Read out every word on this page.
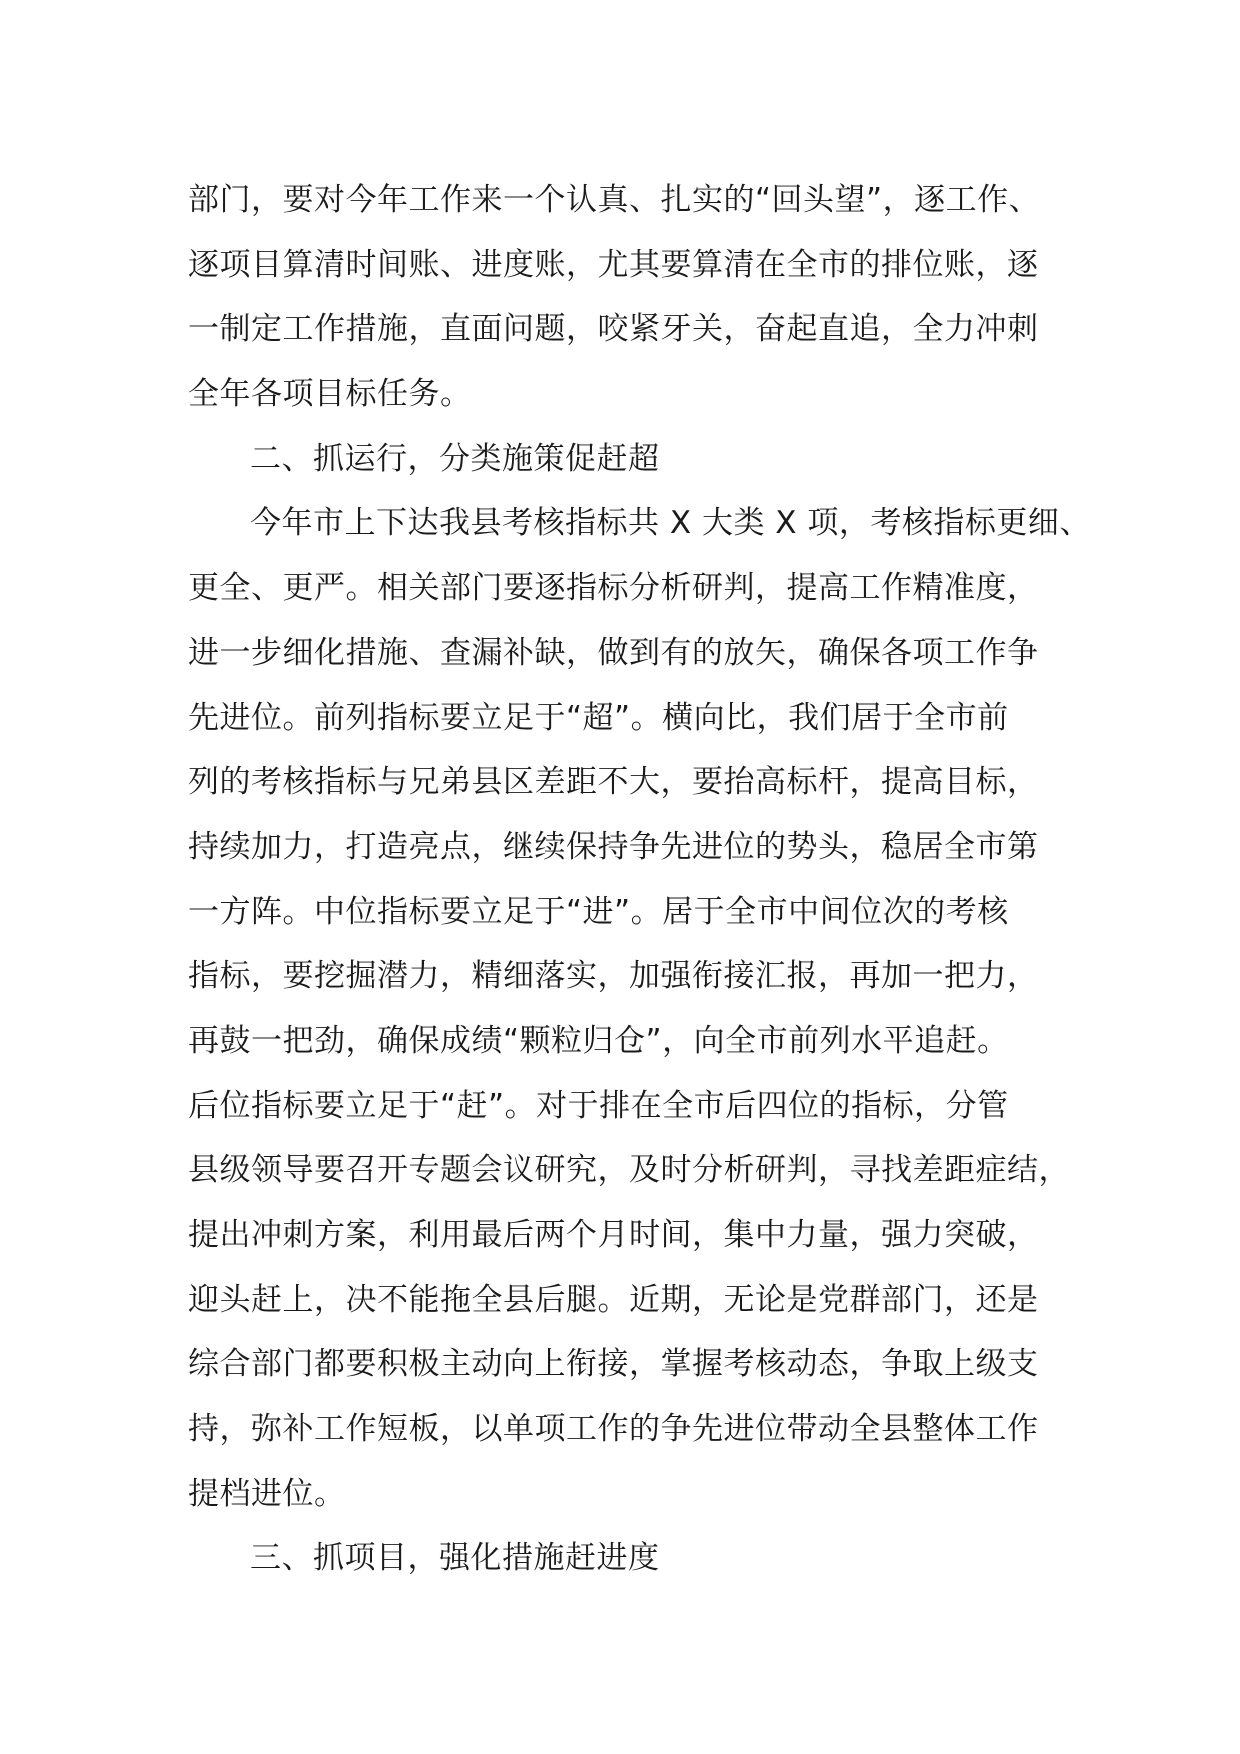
部门，要对今年工作来一个认真、扎实的“回头望”，逐工作、
逐项目算清时间账、进度账，尤其要算清在全市的排位账，逐
一制定工作措施，直面问题，咬紧牙关，奋起直追，全力冲刺
全年各项目标任务。
二、抓运行，分类施策促赶超
今年市上下达我县考核指标共 X 大类 X 项，考核指标更细、
更全、更严。相关部门要逐指标分析研判，提高工作精准度，
进一步细化措施、查漏补缺，做到有的放矢，确保各项工作争
先进位。前列指标要立足于“超”。横向比，我们居于全市前
列的考核指标与兄弟县区差距不大，要抬高标杆，提高目标，
持续加力，打造亮点，继续保持争先进位的势头，稳居全市第
一方阵。中位指标要立足于“进”。居于全市中间位次的考核
指标，要挖掘潜力，精细落实，加强衔接汇报，再加一把力，
再鼓一把劲，确保成绩“颗粒归仓”，向全市前列水平追赶。
后位指标要立足于“赶”。对于排在全市后四位的指标，分管
县级领导要召开专题会议研究，及时分析研判，寻找差距症结，
提出冲刺方案，利用最后两个月时间，集中力量，强力突破，
迎头赶上，决不能拖全县后腿。近期，无论是党群部门，还是
综合部门都要积极主动向上衔接，掌握考核动态，争取上级支
持，弥补工作短板，以单项工作的争先进位带动全县整体工作
提档进位。
三、抓项目，强化措施赶进度
